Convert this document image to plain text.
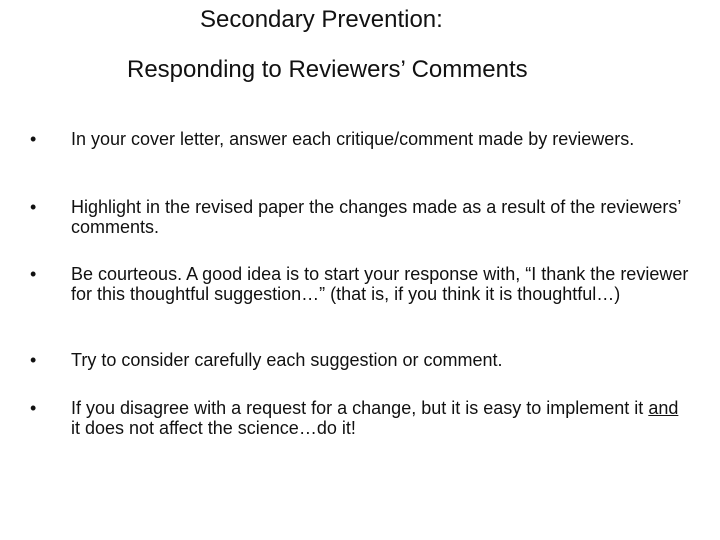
Secondary Prevention:
Responding to Reviewers’ Comments
• In your cover letter, answer each critique/comment made by reviewers.
• Highlight in the revised paper the changes made as a result of the reviewers’ comments.
• Be courteous. A good idea is to start your response with, “I thank the reviewer for this thoughtful suggestion…” (that is, if you think it is thoughtful…)
• Try to consider carefully each suggestion or comment.
• If you disagree with a request for a change, but it is easy to implement it and it does not affect the science…do it!
